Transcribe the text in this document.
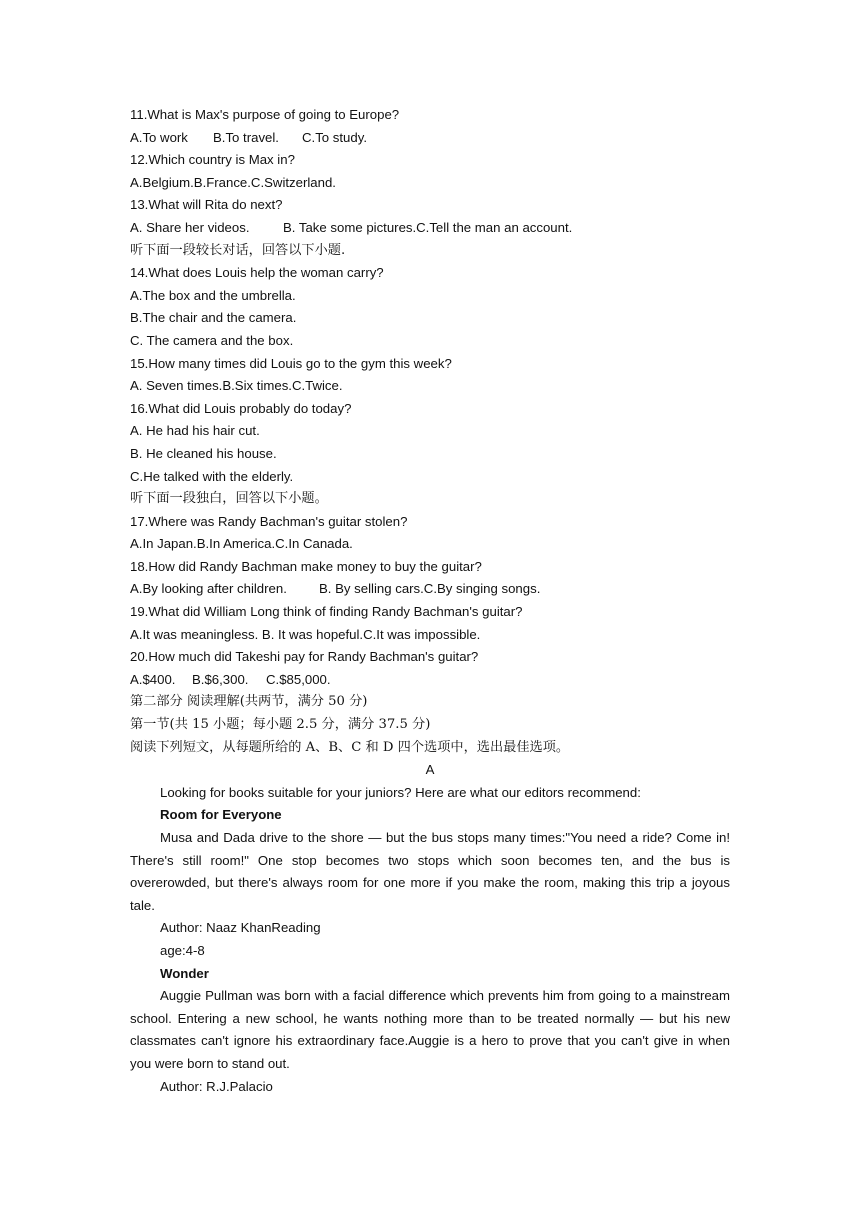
11.What is Max's purpose of going to Europe?
A.To work B.To travel. C.To study.
12.Which country is Max in?
A.Belgium.B.France.C.Switzerland.
13.What will Rita do next?
A. Share her videos.	B. Take some pictures.C.Tell the man an account.
听下面一段较长对话，回答以下小题.
14.What does Louis help the woman carry?
A.The box and the umbrella.
B.The chair and the camera.
C. The camera and the box.
15.How many times did Louis go to the gym this week?
A. Seven times.B.Six times.C.Twice.
16.What did Louis probably do today?
A. He had his hair cut.
B. He cleaned his house.
C.He talked with the elderly.
听下面一段独白，回答以下小题。
17.Where was Randy Bachman's guitar stolen?
A.In Japan.B.In America.C.In Canada.
18.How did Randy Bachman make money to buy the guitar?
A.By looking after children. B. By selling cars.C.By singing songs.
19.What did William Long think of finding Randy Bachman's guitar?
A.It was meaningless. B. It was hopeful.C.It was impossible.
20.How much did Takeshi pay for Randy Bachman's guitar?
A.$400. B.$6,300. C.$85,000.
第二部分 阅读理解(共两节，满分 50 分)
第一节(共 15 小题；每小题 2.5 分，满分 37.5 分)
阅读下列短文，从每题所给的 A、B、C 和 D 四个选项中，选出最佳选项。
A
Looking for books suitable for your juniors? Here are what our editors recommend:
Room for Everyone
Musa and Dada drive to the shore — but the bus stops many times:"You need a ride? Come in! There's still room!" One stop becomes two stops which soon becomes ten, and the bus is overerowded, but there's always room for one more if you make the room, making this trip a joyous tale.
Author: Naaz KhanReading
age:4-8
Wonder
Auggie Pullman was born with a facial difference which prevents him from going to a mainstream school. Entering a new school, he wants nothing more than to be treated normally — but his new classmates can't ignore his extraordinary face.Auggie is a hero to prove that you can't give in when you were born to stand out.
Author: R.J.Palacio
